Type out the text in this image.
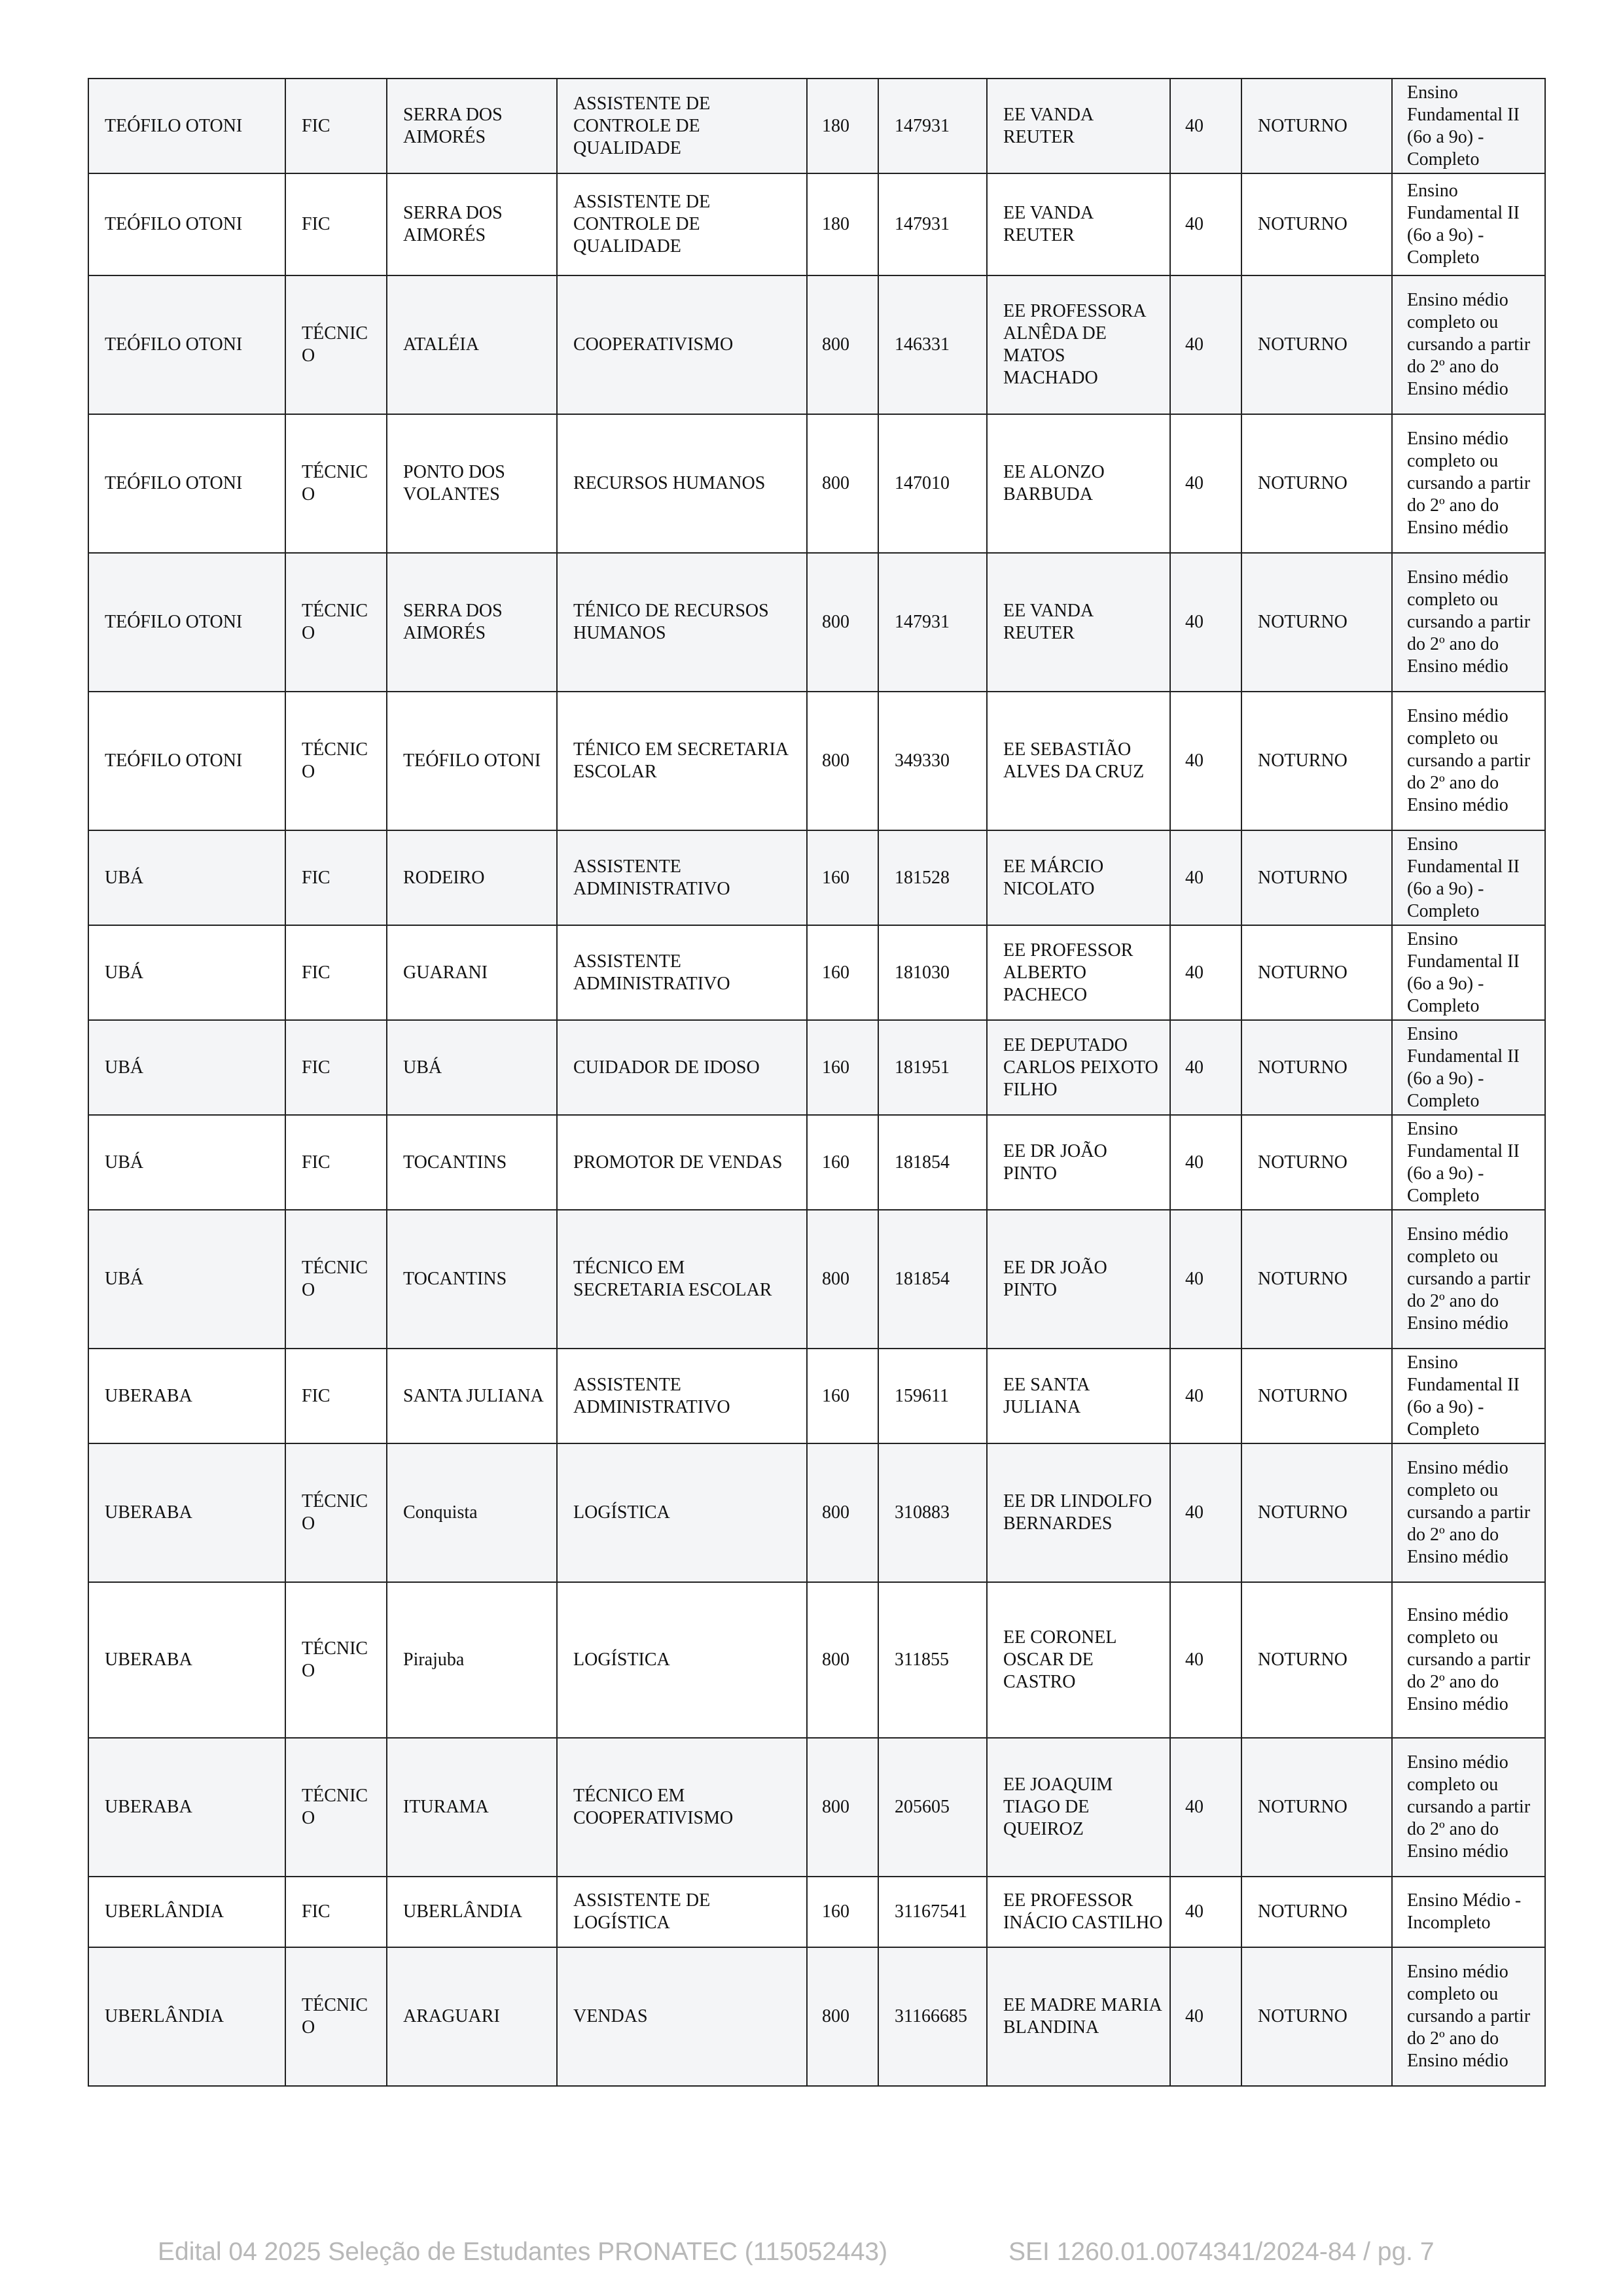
TEÓFILO OTONI	FIC	SERRA DOS AIMORÉS	ASSISTENTE DE CONTROLE DE QUALIDADE	180	147931	EE VANDA REUTER	40	NOTURNO	Ensino Fundamental II (6o a 9o) - Completo
TEÓFILO OTONI	FIC	SERRA DOS AIMORÉS	ASSISTENTE DE CONTROLE DE QUALIDADE	180	147931	EE VANDA REUTER	40	NOTURNO	Ensino Fundamental II (6o a 9o) - Completo
TEÓFILO OTONI	TÉCNICO	ATALÉIA	COOPERATIVISMO	800	146331	EE PROFESSORA ALNÊDA DE MATOS MACHADO	40	NOTURNO	Ensino médio completo ou cursando a partir do 2º ano do Ensino médio
TEÓFILO OTONI	TÉCNICO	PONTO DOS VOLANTES	RECURSOS HUMANOS	800	147010	EE ALONZO BARBUDA	40	NOTURNO	Ensino médio completo ou cursando a partir do 2º ano do Ensino médio
TEÓFILO OTONI	TÉCNICO	SERRA DOS AIMORÉS	TÉNICO DE RECURSOS HUMANOS	800	147931	EE VANDA REUTER	40	NOTURNO	Ensino médio completo ou cursando a partir do 2º ano do Ensino médio
TEÓFILO OTONI	TÉCNICO	TEÓFILO OTONI	TÉNICO EM SECRETARIA ESCOLAR	800	349330	EE SEBASTIÃO ALVES DA CRUZ	40	NOTURNO	Ensino médio completo ou cursando a partir do 2º ano do Ensino médio
UBÁ	FIC	RODEIRO	ASSISTENTE ADMINISTRATIVO	160	181528	EE MÁRCIO NICOLATO	40	NOTURNO	Ensino Fundamental II (6o a 9o) - Completo
UBÁ	FIC	GUARANI	ASSISTENTE ADMINISTRATIVO	160	181030	EE PROFESSOR ALBERTO PACHECO	40	NOTURNO	Ensino Fundamental II (6o a 9o) - Completo
UBÁ	FIC	UBÁ	CUIDADOR DE IDOSO	160	181951	EE DEPUTADO CARLOS PEIXOTO FILHO	40	NOTURNO	Ensino Fundamental II (6o a 9o) - Completo
UBÁ	FIC	TOCANTINS	PROMOTOR DE VENDAS	160	181854	EE DR JOÃO PINTO	40	NOTURNO	Ensino Fundamental II (6o a 9o) - Completo
UBÁ	TÉCNICO	TOCANTINS	TÉCNICO EM SECRETARIA ESCOLAR	800	181854	EE DR JOÃO PINTO	40	NOTURNO	Ensino médio completo ou cursando a partir do 2º ano do Ensino médio
UBERABA	FIC	SANTA JULIANA	ASSISTENTE ADMINISTRATIVO	160	159611	EE SANTA JULIANA	40	NOTURNO	Ensino Fundamental II (6o a 9o) - Completo
UBERABA	TÉCNICO	Conquista	LOGÍSTICA	800	310883	EE DR LINDOLFO BERNARDES	40	NOTURNO	Ensino médio completo ou cursando a partir do 2º ano do Ensino médio
UBERABA	TÉCNICO	Pirajuba	LOGÍSTICA	800	311855	EE CORONEL OSCAR DE CASTRO	40	NOTURNO	Ensino médio completo ou cursando a partir do 2º ano do Ensino médio
UBERABA	TÉCNICO	ITURAMA	TÉCNICO EM COOPERATIVISMO	800	205605	EE JOAQUIM TIAGO DE QUEIROZ	40	NOTURNO	Ensino médio completo ou cursando a partir do 2º ano do Ensino médio
UBERLÂNDIA	FIC	UBERLÂNDIA	ASSISTENTE DE LOGÍSTICA	160	31167541	EE PROFESSOR INÁCIO CASTILHO	40	NOTURNO	Ensino Médio - Incompleto
UBERLÂNDIA	TÉCNICO	ARAGUARI	VENDAS	800	31166685	EE MADRE MARIA BLANDINA	40	NOTURNO	Ensino médio completo ou cursando a partir do 2º ano do Ensino médio
Edital 04 2025 Seleção de Estudantes PRONATEC (115052443)	SEI 1260.01.0074341/2024-84 / pg. 7
